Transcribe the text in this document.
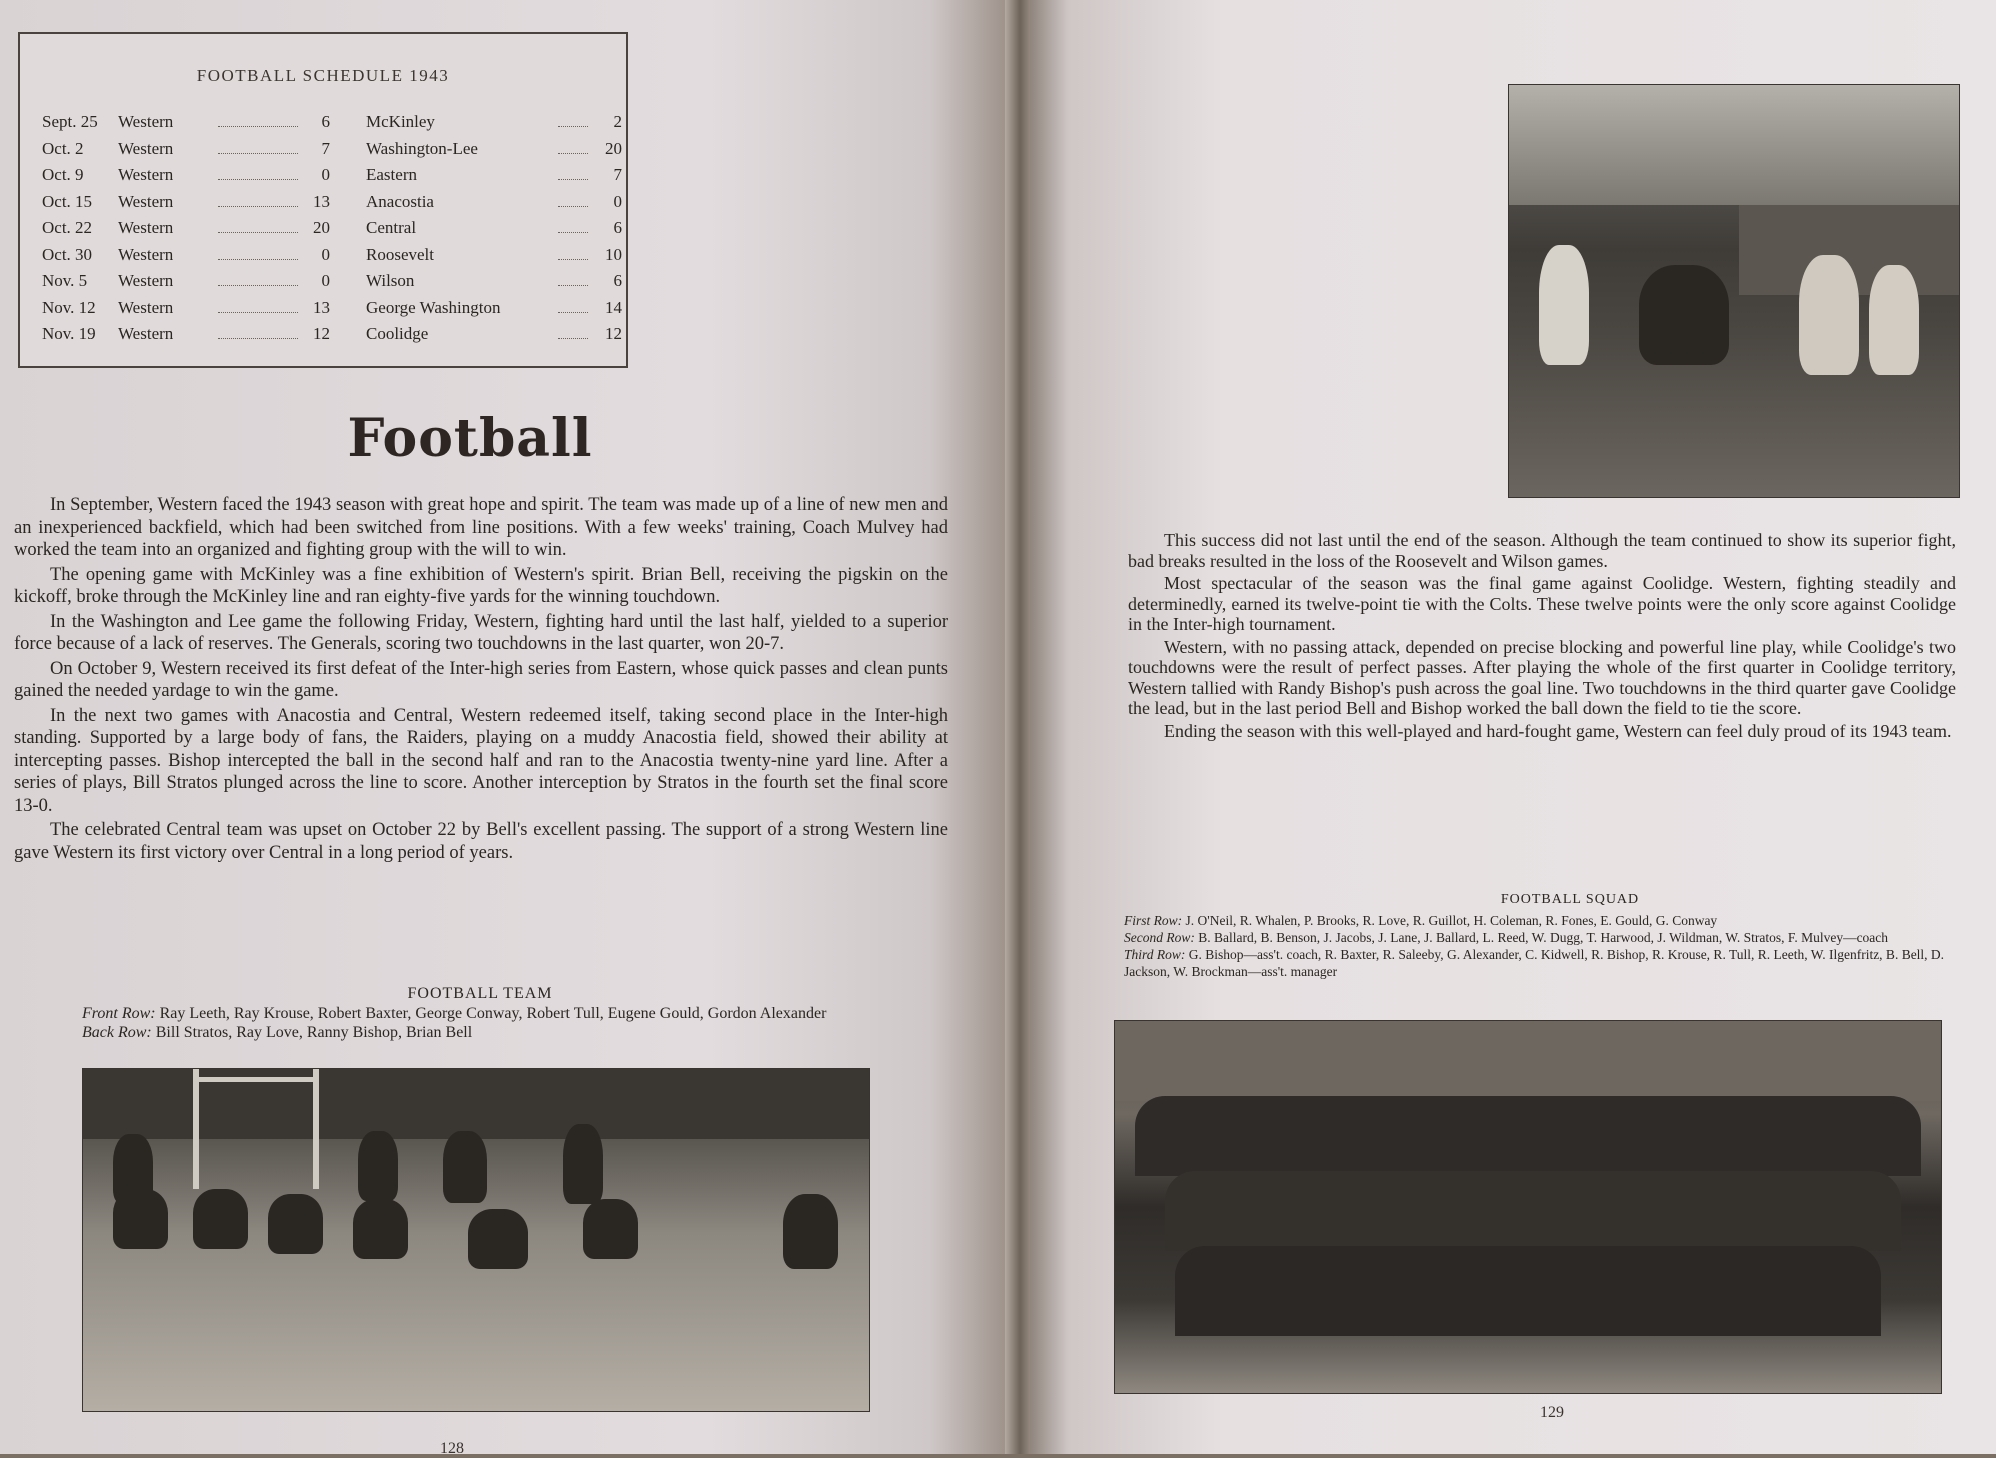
FOOTBALL SCHEDULE 1943
Sept. 25	Western	6 McKinley	2
Oct. 2	Western	7 Washington-Lee	20
Oct. 9	Western	0 Eastern	7
Oct. 15	Western	13 Anacostia	0
Oct. 22	Western	20 Central	6
Oct. 30	Western	0 Roosevelt	10
Nov. 5	Western	0 Wilson	6
Nov. 12	Western	13 George Washington	14
Nov. 19	Western	12 Coolidge	12
Football

In September, Western faced the 1943 season with great hope and spirit. The team was made up of a line of new men and an inexperienced backfield, which had been switched from line positions. With a few weeks' training, Coach Mulvey had worked the team into an organized and fighting group with the will to win.

The opening game with McKinley was a fine exhibition of Western's spirit. Brian Bell, receiving the pigskin on the kickoff, broke through the McKinley line and ran eighty-five yards for the winning touchdown.

In the Washington and Lee game the following Friday, Western, fighting hard until the last half, yielded to a superior force because of a lack of reserves. The Generals, scoring two touchdowns in the last quarter, won 20-7.

On October 9, Western received its first defeat of the Inter-high series from Eastern, whose quick passes and clean punts gained the needed yardage to win the game.

In the next two games with Anacostia and Central, Western redeemed itself, taking second place in the Inter-high standing. Supported by a large body of fans, the Raiders, playing on a muddy Anacostia field, showed their ability at intercepting passes. Bishop intercepted the ball in the second half and ran to the Anacostia twenty-nine yard line. After a series of plays, Bill Stratos plunged across the line to score. Another interception by Stratos in the fourth set the final score 13-0.

The celebrated Central team was upset on October 22 by Bell's excellent passing. The support of a strong Western line gave Western its first victory over Central in a long period of years.

FOOTBALL TEAM
Front Row: Ray Leeth, Ray Krouse, Robert Baxter, George Conway, Robert Tull, Eugene Gould, Gordon Alexander
Back Row: Bill Stratos, Ray Love, Ranny Bishop, Brian Bell
128

This success did not last until the end of the season. Although the team continued to show its superior fight, bad breaks resulted in the loss of the Roosevelt and Wilson games.

Most spectacular of the season was the final game against Coolidge. Western, fighting steadily and determinedly, earned its twelve-point tie with the Colts. These twelve points were the only score against Coolidge in the Inter-high tournament.

Western, with no passing attack, depended on precise blocking and powerful line play, while Coolidge's two touchdowns were the result of perfect passes. After playing the whole of the first quarter in Coolidge territory, Western tallied with Randy Bishop's push across the goal line. Two touchdowns in the third quarter gave Coolidge the lead, but in the last period Bell and Bishop worked the ball down the field to tie the score.

Ending the season with this well-played and hard-fought game, Western can feel duly proud of its 1943 team.

FOOTBALL SQUAD
First Row: J. O'Neil, R. Whalen, P. Brooks, R. Love, R. Guillot, H. Coleman, R. Fones, E. Gould, G. Conway
Second Row: B. Ballard, B. Benson, J. Jacobs, J. Lane, J. Ballard, L. Reed, W. Dugg, T. Harwood, J. Wildman, W. Stratos, F. Mulvey—coach
Third Row: G. Bishop—ass't. coach, R. Baxter, R. Saleeby, G. Alexander, C. Kidwell, R. Bishop, R. Krouse, R. Tull, R. Leeth, W. Ilgenfritz, B. Bell, D. Jackson, W. Brockman—ass't. manager
129
